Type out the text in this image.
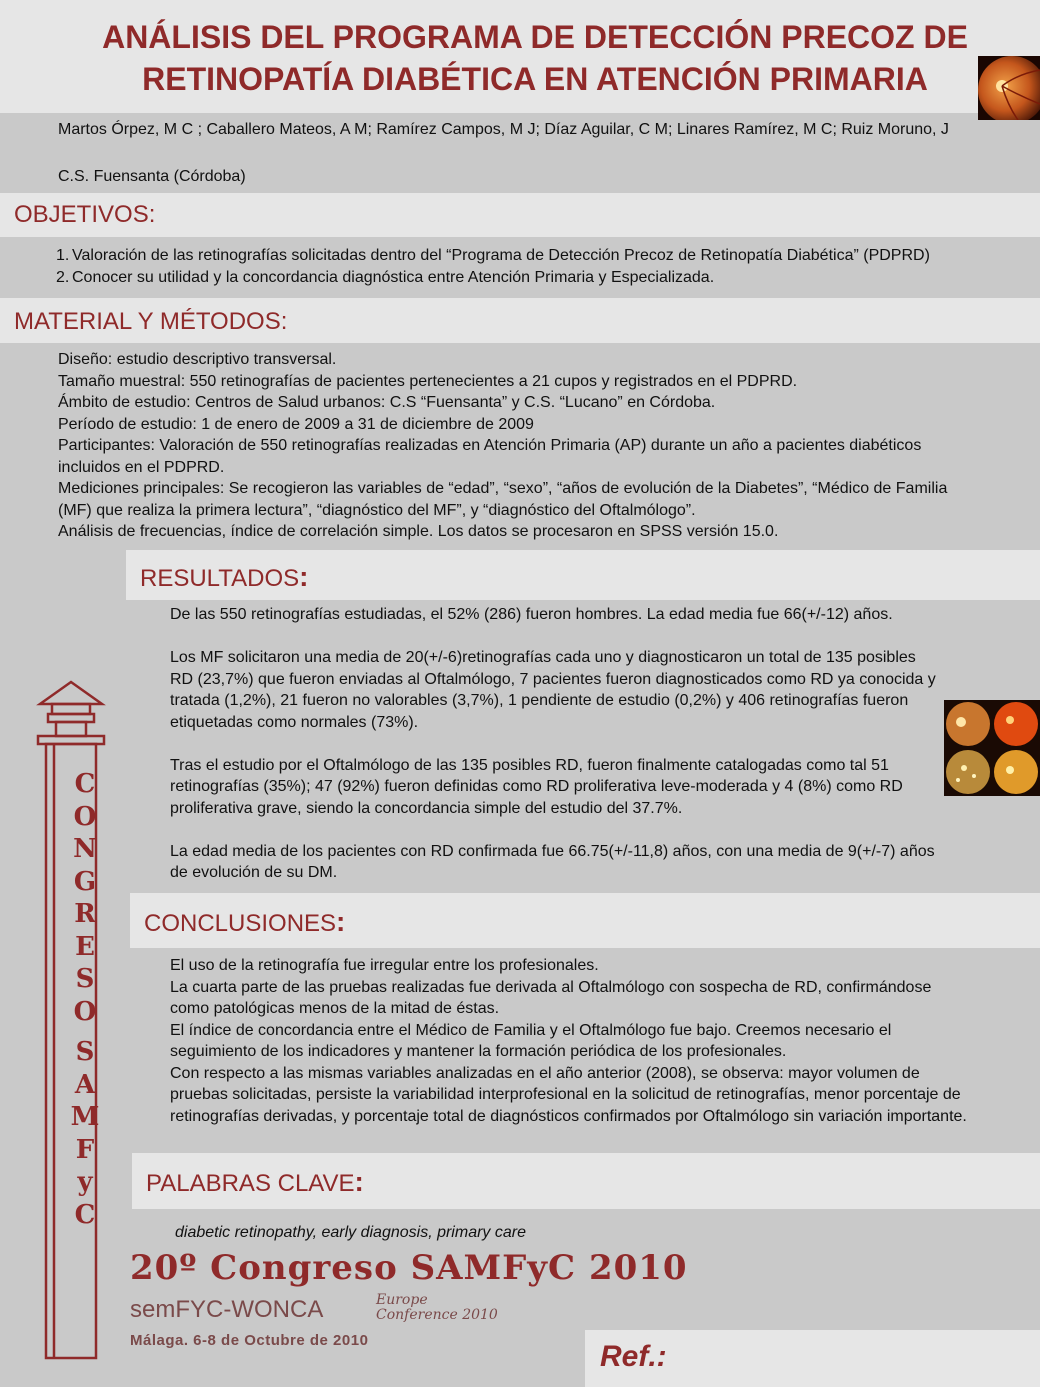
ANÁLISIS DEL PROGRAMA DE DETECCIÓN PRECOZ DE
RETINOPATÍA DIABÉTICA EN ATENCIÓN PRIMARIA
Martos Órpez, M C ; Caballero Mateos, A M; Ramírez Campos, M J; Díaz Aguilar, C M; Linares Ramírez, M C; Ruiz Moruno, J
C.S. Fuensanta (Córdoba)
OBJETIVOS:
1. Valoración de las retinografías solicitadas dentro del “Programa de Detección Precoz de Retinopatía Diabética” (PDPRD)
2. Conocer su utilidad y la concordancia diagnóstica entre Atención Primaria y Especializada.
MATERIAL Y MÉTODOS:
Diseño: estudio descriptivo transversal.
Tamaño muestral: 550 retinografías de pacientes pertenecientes a 21 cupos y registrados en el PDPRD.
Ámbito de estudio: Centros de Salud urbanos: C.S “Fuensanta” y C.S. “Lucano” en Córdoba.
Período de estudio: 1 de enero de 2009 a 31 de diciembre de 2009
Participantes: Valoración de 550 retinografías realizadas en Atención Primaria (AP) durante un año a pacientes diabéticos
incluidos en el PDPRD.
Mediciones principales: Se recogieron las variables de “edad”, “sexo”, “años de evolución de la Diabetes”, “Médico de Familia
(MF) que realiza la primera lectura”, “diagnóstico del MF”, y “diagnóstico del Oftalmólogo”.
Análisis de frecuencias, índice de correlación simple. Los datos se procesaron en SPSS versión 15.0.
RESULTADOS:

De las 550 retinografías estudiadas, el 52% (286) fueron hombres. La edad media fue 66(+/-12) años.

Los MF solicitaron una media de 20(+/-6)retinografías cada uno y diagnosticaron un total de 135 posibles RD (23,7%) que fueron enviadas al Oftalmólogo, 7 pacientes fueron diagnosticados como RD ya conocida y tratada (1,2%), 21 fueron no valorables (3,7%), 1 pendiente de estudio (0,2%) y 406 retinografías fueron etiquetadas como normales (73%).

Tras el estudio por el Oftalmólogo de las 135 posibles RD, fueron finalmente catalogadas como tal 51 retinografías (35%); 47 (92%) fueron definidas como RD proliferativa leve-moderada y 4 (8%) como RD proliferativa grave, siendo la concordancia simple del estudio del 37.7%.

La edad media de los pacientes con RD confirmada fue 66.75(+/-11,8) años, con una media de 9(+/-7) años de evolución de su DM.

CONCLUSIONES:
El uso de la retinografía fue irregular entre los profesionales.
La cuarta parte de las pruebas realizadas fue derivada al Oftalmólogo con sospecha de RD, confirmándose como patológicas menos de la mitad de éstas.
El índice de concordancia entre el Médico de Familia y el Oftalmólogo fue bajo. Creemos necesario el seguimiento de los indicadores y mantener la formación periódica de los profesionales.
Con respecto a las mismas variables analizadas en el año anterior (2008), se observa: mayor volumen de pruebas solicitadas, persiste la variabilidad interprofesional en la solicitud de retinografías, menor porcentaje de retinografías derivadas, y porcentaje total de diagnósticos confirmados por Oftalmólogo sin variación importante.
PALABRAS CLAVE:
diabetic retinopathy, early diagnosis, primary care
C
O
N
G
R
E
S
O
S
A
M
F
y
C
20º Congreso SAMFyC 2010
semFYC-WONCA	Europe
Conference 2010
Málaga. 6-8 de Octubre de 2010	Ref.:
